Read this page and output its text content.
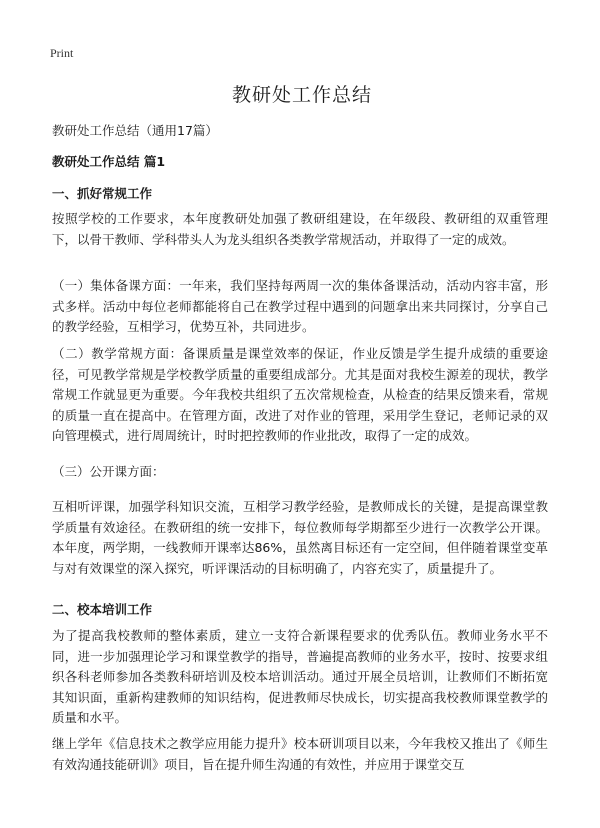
Print
教研处工作总结
教研处工作总结（通用17篇）
教研处工作总结 篇1
一、抓好常规工作
按照学校的工作要求，本年度教研处加强了教研组建设，在年级段、教研组的双重管理下，以骨干教师、学科带头人为龙头组织各类教学常规活动，并取得了一定的成效。
（一）集体备课方面：一年来，我们坚持每两周一次的集体备课活动，活动内容丰富，形式多样。活动中每位老师都能将自己在教学过程中遇到的问题拿出来共同探讨，分享自己的教学经验，互相学习，优势互补，共同进步。
（二）教学常规方面：备课质量是课堂效率的保证，作业反馈是学生提升成绩的重要途径，可见教学常规是学校教学质量的重要组成部分。尤其是面对我校生源差的现状，教学常规工作就显更为重要。今年我校共组织了五次常规检查，从检查的结果反馈来看，常规的质量一直在提高中。在管理方面，改进了对作业的管理，采用学生登记，老师记录的双向管理模式，进行周周统计，时时把控教师的作业批改，取得了一定的成效。
（三）公开课方面：
互相听评课，加强学科知识交流，互相学习教学经验，是教师成长的关键，是提高课堂教学质量有效途径。在教研组的统一安排下，每位教师每学期都至少进行一次教学公开课。本年度，两学期，一线教师开课率达86%，虽然离目标还有一定空间，但伴随着课堂变革与对有效课堂的深入探究，听评课活动的目标明确了，内容充实了，质量提升了。
二、校本培训工作
为了提高我校教师的整体素质，建立一支符合新课程要求的优秀队伍。教师业务水平不同，进一步加强理论学习和课堂教学的指导，普遍提高教师的业务水平，按时、按要求组织各科老师参加各类教科研培训及校本培训活动。通过开展全员培训，让教师们不断拓宽其知识面，重新构建教师的知识结构，促进教师尽快成长，切实提高我校教师课堂教学的质量和水平。
继上学年《信息技术之教学应用能力提升》校本研训项目以来，今年我校又推出了《师生有效沟通技能研训》项目，旨在提升师生沟通的有效性，并应用于课堂交互
